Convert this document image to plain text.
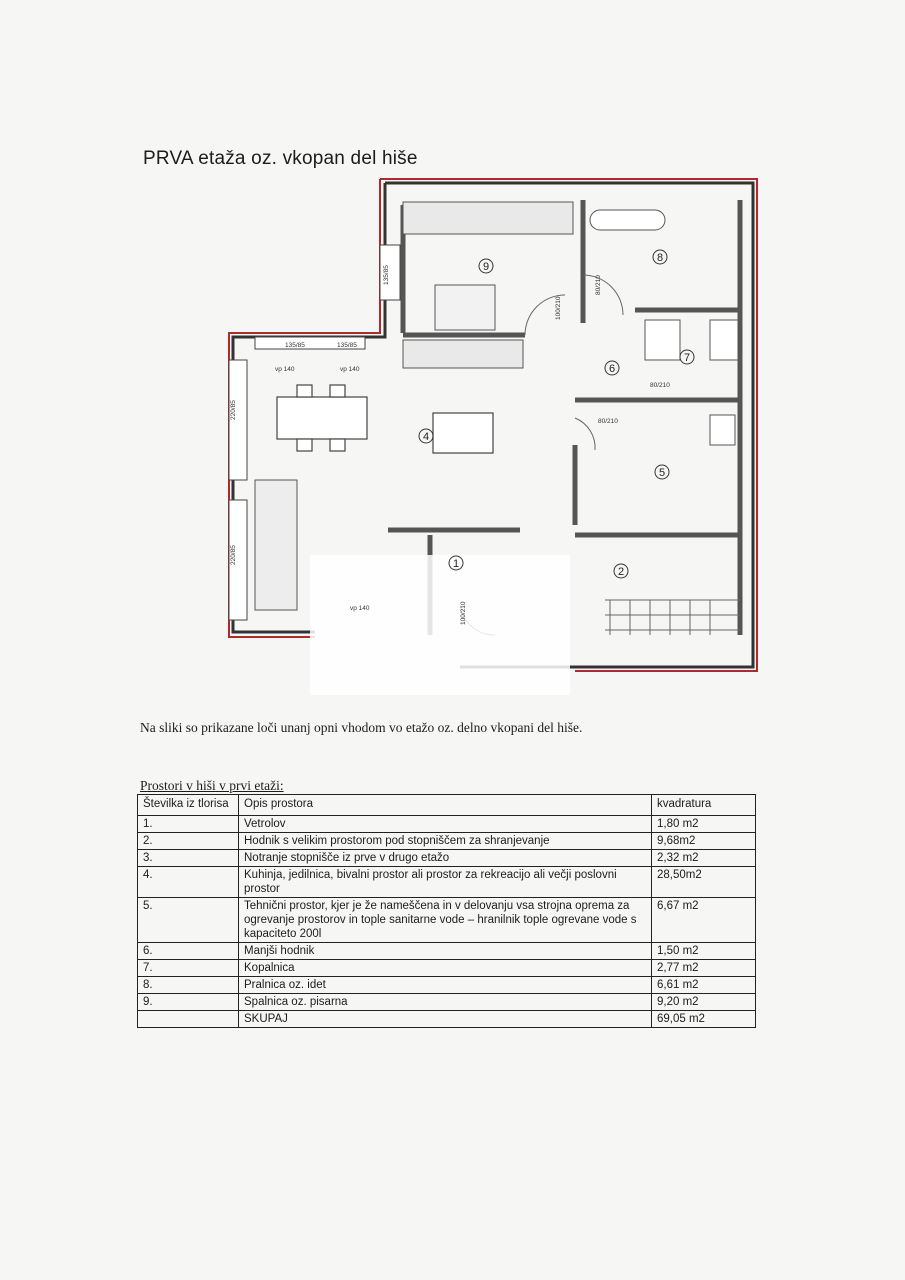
PRVA etaža oz. vkopan del hiše
9
8
7
6
5
4
1
2
135/85	135/85
vp 140	vp 140
vp 140
220/85
220/85
135/85
100/210
80/210
80/210
80/210
100/210
Na sliki so prikazane loči unanj opni vhodom vo etažo oz. delno vkopani del hiše.
Prostori v hiši v prvi etaži:
Številka iz tlorisa	Opis prostora	kvadratura
1.	Vetrolov	1,80 m2
2.	Hodnik s velikim prostorom pod stopniščem za shranjevanje	9,68m2
3.	Notranje stopnišče iz prve v drugo etažo	2,32 m2
4.	Kuhinja, jedilnica, bivalni prostor ali prostor za rekreacijo ali večji poslovni prostor	28,50m2
5.	Tehnični prostor, kjer je že nameščena in v delovanju vsa strojna oprema za ogrevanje prostorov in tople sanitarne vode – hranilnik tople ogrevane vode s kapaciteto 200l	6,67 m2
6.	Manjši hodnik	1,50 m2
7.	Kopalnica	2,77 m2
8.	Pralnica oz. idet	6,61 m2
9.	Spalnica oz. pisarna	9,20 m2
	SKUPAJ	69,05 m2
